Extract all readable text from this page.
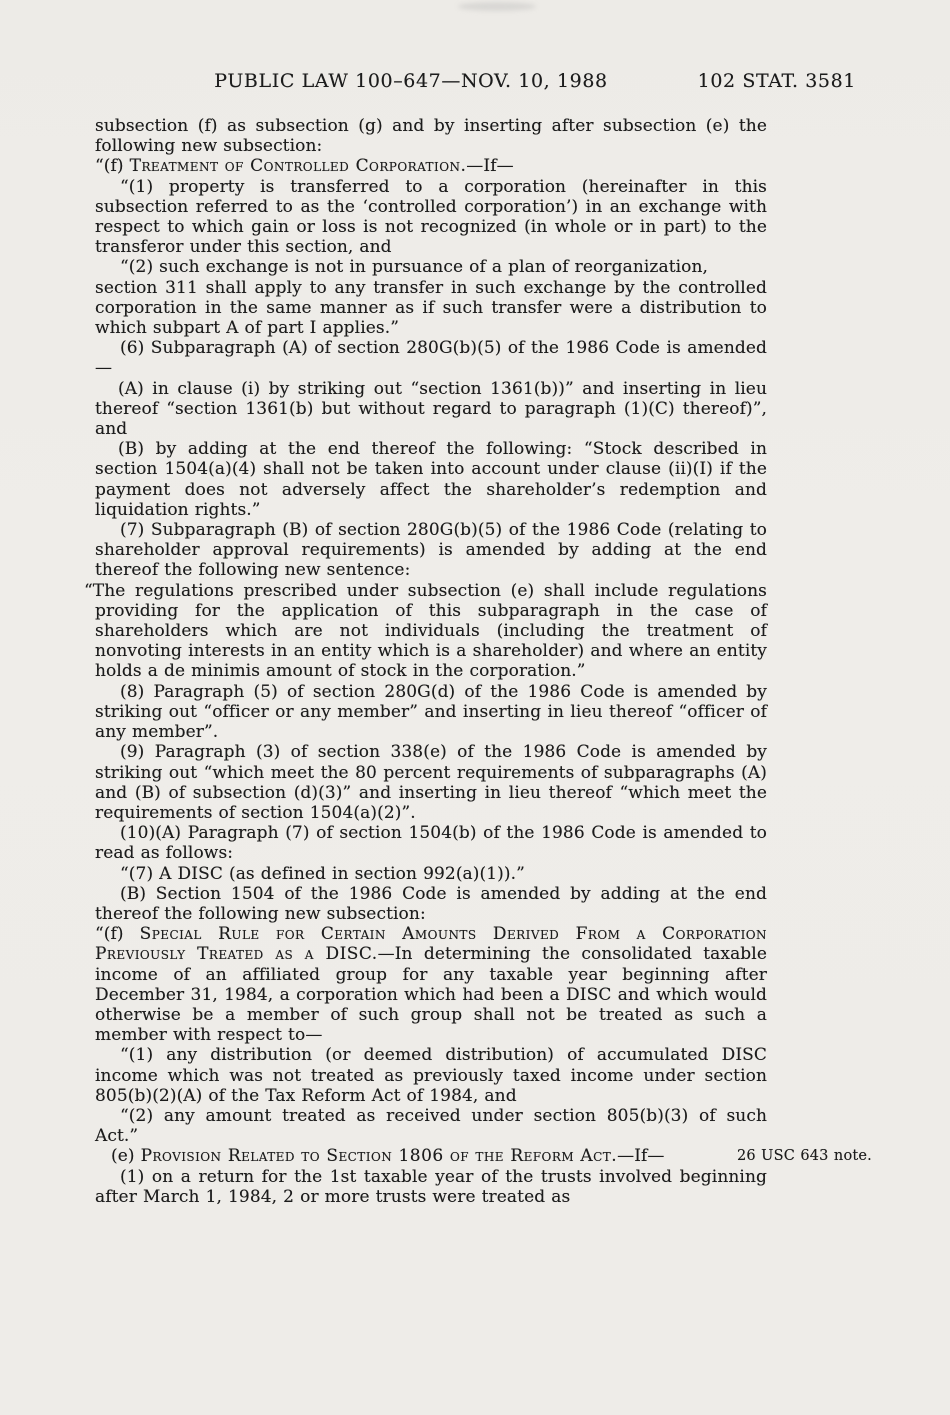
PUBLIC LAW 100–647—NOV. 10, 1988	102 STAT. 3581

subsection (f) as subsection (g) and by inserting after subsection (e) the following new subsection:

“(f) Treatment of Controlled Corporation.—If—

“(1) property is transferred to a corporation (hereinafter in this subsection referred to as the ‘controlled corporation’) in an exchange with respect to which gain or loss is not recognized (in whole or in part) to the transferor under this section, and

“(2) such exchange is not in pursuance of a plan of reorganization,

section 311 shall apply to any transfer in such exchange by the controlled corporation in the same manner as if such transfer were a distribution to which subpart A of part I applies.”

(6) Subparagraph (A) of section 280G(b)(5) of the 1986 Code is amended—

(A) in clause (i) by striking out “section 1361(b))” and inserting in lieu thereof “section 1361(b) but without regard to paragraph (1)(C) thereof)”, and

(B) by adding at the end thereof the following: “Stock described in section 1504(a)(4) shall not be taken into account under clause (ii)(I) if the payment does not adversely affect the shareholder’s redemption and liquidation rights.”

(7) Subparagraph (B) of section 280G(b)(5) of the 1986 Code (relating to shareholder approval requirements) is amended by adding at the end thereof the following new sentence:

“The regulations prescribed under subsection (e) shall include regulations providing for the application of this subparagraph in the case of shareholders which are not individuals (including the treatment of nonvoting interests in an entity which is a shareholder) and where an entity holds a de minimis amount of stock in the corporation.”

(8) Paragraph (5) of section 280G(d) of the 1986 Code is amended by striking out “officer or any member” and inserting in lieu thereof “officer of any member”.

(9) Paragraph (3) of section 338(e) of the 1986 Code is amended by striking out “which meet the 80 percent requirements of subparagraphs (A) and (B) of subsection (d)(3)” and inserting in lieu thereof “which meet the requirements of section 1504(a)(2)”.

(10)(A) Paragraph (7) of section 1504(b) of the 1986 Code is amended to read as follows:

“(7) A DISC (as defined in section 992(a)(1)).”

(B) Section 1504 of the 1986 Code is amended by adding at the end thereof the following new subsection:

“(f) Special Rule for Certain Amounts Derived From a Corporation Previously Treated as a DISC.—In determining the consolidated taxable income of an affiliated group for any taxable year beginning after December 31, 1984, a corporation which had been a DISC and which would otherwise be a member of such group shall not be treated as such a member with respect to—

“(1) any distribution (or deemed distribution) of accumulated DISC income which was not treated as previously taxed income under section 805(b)(2)(A) of the Tax Reform Act of 1984, and

“(2) any amount treated as received under section 805(b)(3) of such Act.”

(e) Provision Related to Section 1806 of the Reform Act.—If—	26 USC 643 note.

(1) on a return for the 1st taxable year of the trusts involved beginning after March 1, 1984, 2 or more trusts were treated as
